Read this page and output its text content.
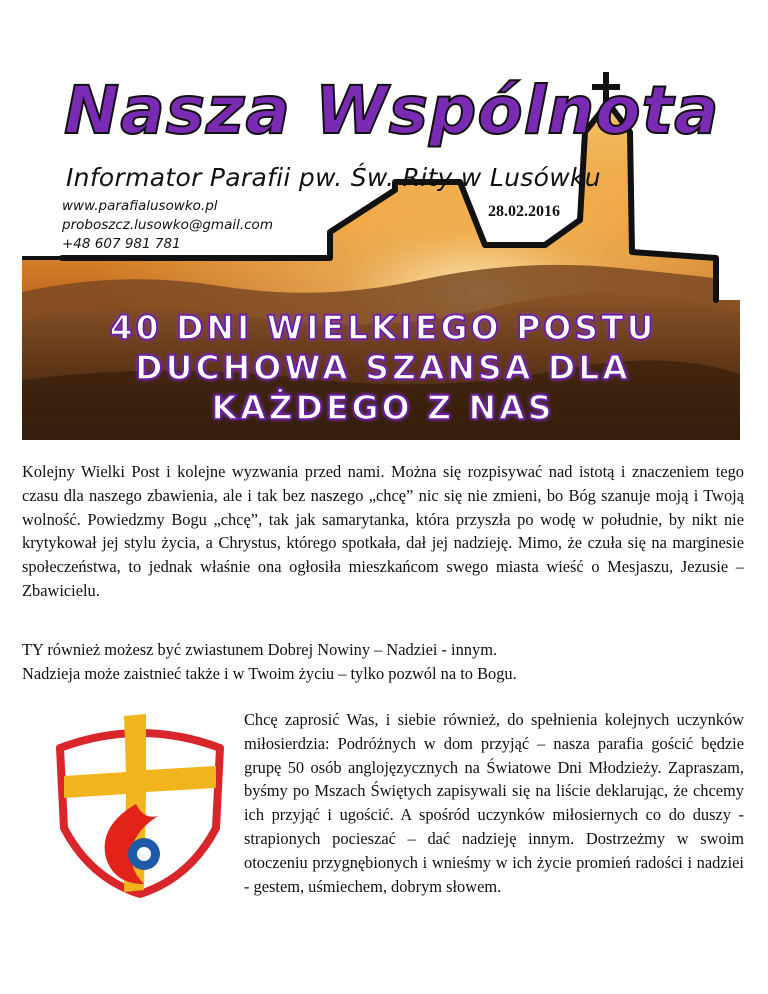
Nasza Wspólnota
Informator Parafii pw. Św. Rity w Lusówku
www.parafialusowko.pl
proboszcz.lusowko@gmail.com
+48 607 981 781
28.02.2016
40 DNI WIELKIEGO POSTU
DUCHOWA SZANSA DLA
KAŻDEGO Z NAS

Kolejny Wielki Post i kolejne wyzwania przed nami. Można się rozpisywać nad istotą i znaczeniem tego czasu dla naszego zbawienia, ale i tak bez naszego „chcę” nic się nie zmieni, bo Bóg szanuje moją i Twoją wolność. Powiedzmy Bogu „chcę”, tak jak samarytanka, która przyszła po wodę w południe, by nikt nie krytykował jej stylu życia, a Chrystus, którego spotkała, dał jej nadzieję. Mimo, że czuła się na marginesie społeczeństwa, to jednak właśnie ona ogłosiła mieszkańcom swego miasta wieść o Mesjaszu, Jezusie – Zbawicielu.

TY również możesz być zwiastunem Dobrej Nowiny – Nadziei - innym.
Nadzieja może zaistnieć także i w Twoim życiu – tylko pozwól na to Bogu.

Chcę zaprosić Was, i siebie również, do spełnienia kolejnych uczynków miłosierdzia: Podróżnych w dom przyjąć – nasza parafia gościć będzie grupę 50 osób anglojęzycznych na Światowe Dni Młodzieży. Zapraszam, byśmy po Mszach Świętych zapisywali się na liście deklarując, że chcemy ich przyjąć i ugościć. A spośród uczynków miłosiernych co do duszy - strapionych pocieszać – dać nadzieję innym. Dostrzeżmy w swoim otoczeniu przygnębionych i wnieśmy w ich życie promień radości i nadziei - gestem, uśmiechem, dobrym słowem.
